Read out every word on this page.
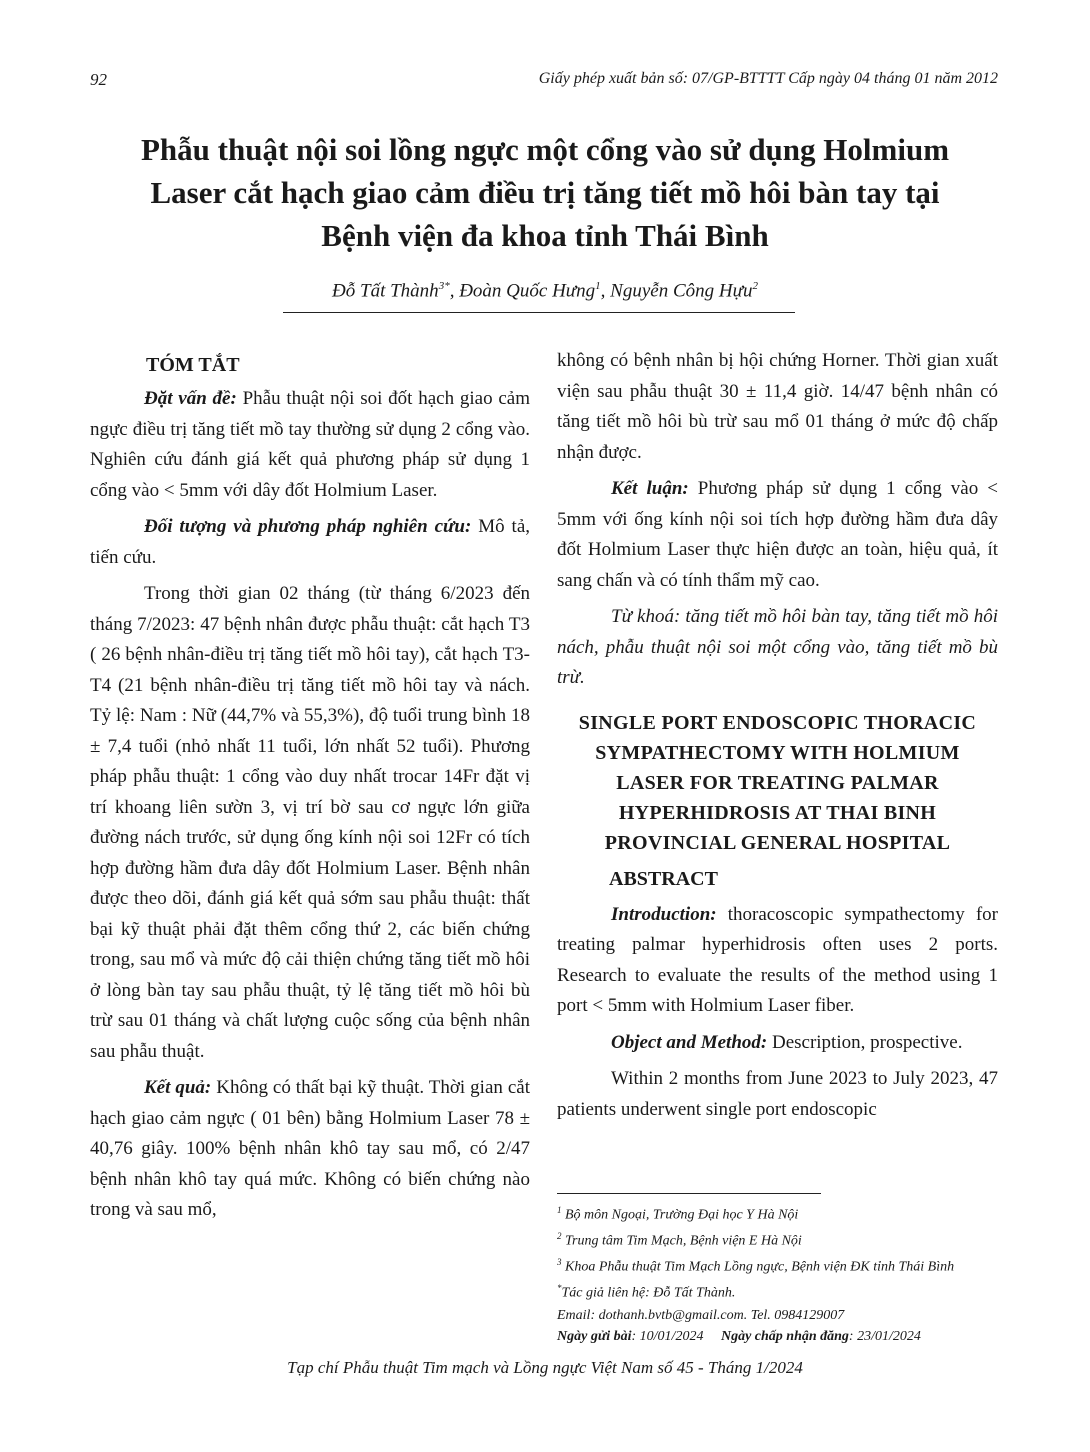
92	Giấy phép xuất bản số: 07/GP-BTTTT Cấp ngày 04 tháng 01 năm 2012
Phẫu thuật nội soi lồng ngực một cổng vào sử dụng Holmium
Laser cắt hạch giao cảm điều trị tăng tiết mồ hôi bàn tay tại
Bệnh viện đa khoa tỉnh Thái Bình
Đỗ Tất Thành$^{3*}$, Đoàn Quốc Hưng$^1$, Nguyễn Công Hựu$^2$
TÓM TẮT

Đặt vấn đề: Phẫu thuật nội soi đốt hạch giao cảm ngực điều trị tăng tiết mồ tay thường sử dụng 2 cổng vào. Nghiên cứu đánh giá kết quả phương pháp sử dụng 1 cổng vào < 5mm với dây đốt Holmium Laser.

Đối tượng và phương pháp nghiên cứu: Mô tả, tiến cứu.

Trong thời gian 02 tháng (từ tháng 6/2023 đến tháng 7/2023: 47 bệnh nhân được phẫu thuật: cắt hạch T3 ( 26 bệnh nhân-điều trị tăng tiết mồ hôi tay), cắt hạch T3-T4 (21 bệnh nhân-điều trị tăng tiết mồ hôi tay và nách. Tỷ lệ: Nam : Nữ (44,7% và 55,3%), độ tuổi trung bình 18 ± 7,4 tuổi (nhỏ nhất 11 tuổi, lớn nhất 52 tuổi). Phương pháp phẫu thuật: 1 cổng vào duy nhất trocar 14Fr đặt vị trí khoang liên sườn 3, vị trí bờ sau cơ ngực lớn giữa đường nách trước, sử dụng ống kính nội soi 12Fr có tích hợp đường hầm đưa dây đốt Holmium Laser. Bệnh nhân được theo dõi, đánh giá kết quả sớm sau phẫu thuật: thất bại kỹ thuật phải đặt thêm cổng thứ 2, các biến chứng trong, sau mổ và mức độ cải thiện chứng tăng tiết mồ hôi ở lòng bàn tay sau phẫu thuật, tỷ lệ tăng tiết mồ hôi bù trừ sau 01 tháng và chất lượng cuộc sống của bệnh nhân sau phẫu thuật.

Kết quả: Không có thất bại kỹ thuật. Thời gian cắt hạch giao cảm ngực ( 01 bên) bằng Holmium Laser 78 ± 40,76 giây. 100% bệnh nhân khô tay sau mổ, có 2/47 bệnh nhân khô tay quá mức. Không có biến chứng nào trong và sau mổ,

không có bệnh nhân bị hội chứng Horner. Thời gian xuất viện sau phẫu thuật 30 ± 11,4 giờ. 14/47 bệnh nhân có tăng tiết mồ hôi bù trừ sau mổ 01 tháng ở mức độ chấp nhận được.

Kết luận: Phương pháp sử dụng 1 cổng vào < 5mm với ống kính nội soi tích hợp đường hầm đưa dây đốt Holmium Laser thực hiện được an toàn, hiệu quả, ít sang chấn và có tính thẩm mỹ cao.

Từ khoá: tăng tiết mồ hôi bàn tay, tăng tiết mồ hôi nách, phẫu thuật nội soi một cổng vào, tăng tiết mồ bù trừ.

SINGLE PORT ENDOSCOPIC THORACIC
SYMPATHECTOMY WITH HOLMIUM
LASER FOR TREATING PALMAR
HYPERHIDROSIS AT THAI BINH
PROVINCIAL GENERAL HOSPITAL
ABSTRACT

Introduction: thoracoscopic sympathectomy for treating palmar hyperhidrosis often uses 2 ports. Research to evaluate the results of the method using 1 port < 5mm with Holmium Laser fiber.

Object and Method: Description, prospective.

Within 2 months from June 2023 to July 2023, 47 patients underwent single port endoscopic

$^1$ Bộ môn Ngoại, Trường Đại học Y Hà Nội
$^2$ Trung tâm Tim Mạch, Bệnh viện E Hà Nội
$^3$ Khoa Phẫu thuật Tim Mạch Lồng ngực, Bệnh viện ĐK tỉnh Thái Bình
*Tác giả liên hệ: Đỗ Tất Thành.
Email: dothanh.bvtb@gmail.com. Tel. 0984129007
Ngày gửi bài: 10/01/2024 Ngày chấp nhận đăng: 23/01/2024
Tạp chí Phẫu thuật Tim mạch và Lồng ngực Việt Nam số 45 - Tháng 1/2024
